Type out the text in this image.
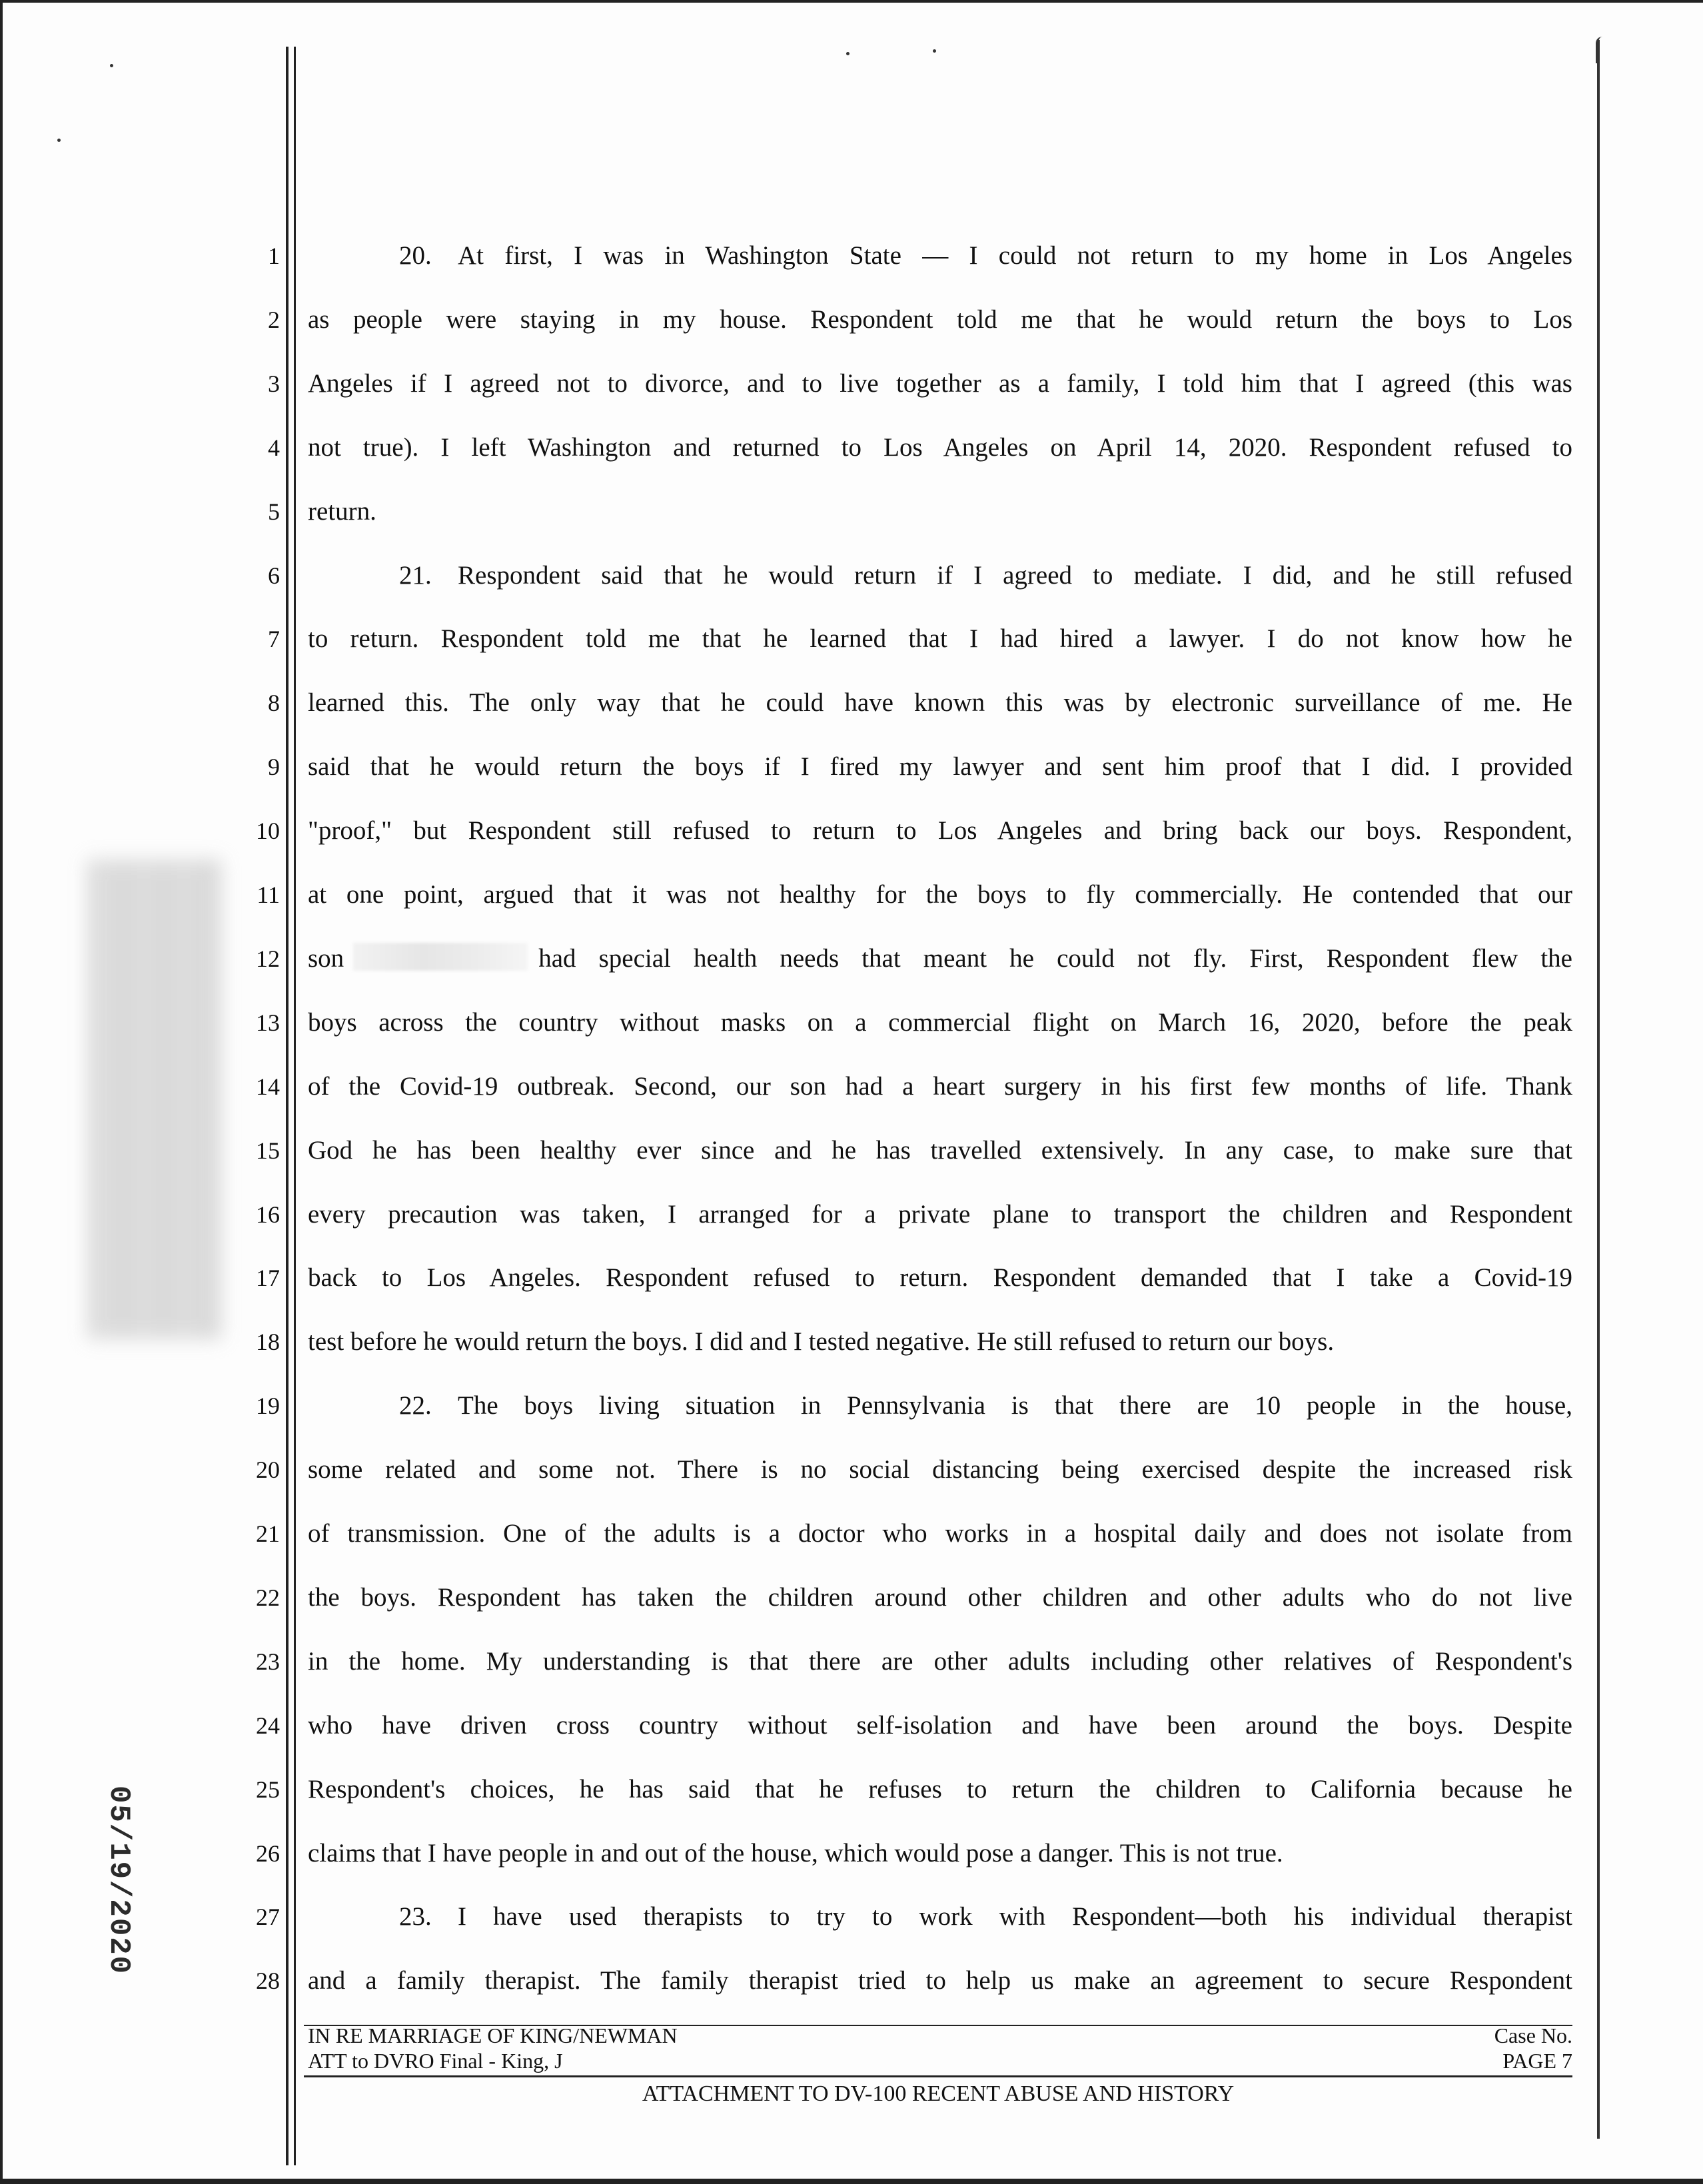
05/19/2020
1	20. At first, I was in Washington State — I could not return to my home in Los Angeles
2 as people were staying in my house. Respondent told me that he would return the boys to Los
3 Angeles if I agreed not to divorce, and to live together as a family, I told him that I agreed (this was
4 not true). I left Washington and returned to Los Angeles on April 14, 2020. Respondent refused to
5 return.
6	21. Respondent said that he would return if I agreed to mediate. I did, and he still refused
7 to return. Respondent told me that he learned that I had hired a lawyer. I do not know how he
8 learned this. The only way that he could have known this was by electronic surveillance of me. He
9 said that he would return the boys if I fired my lawyer and sent him proof that I did. I provided
10 "proof," but Respondent still refused to return to Los Angeles and bring back our boys. Respondent,
11 at one point, argued that it was not healthy for the boys to fly commercially. He contended that our
12 son	had special health needs that meant he could not fly. First, Respondent flew the
13 boys across the country without masks on a commercial flight on March 16, 2020, before the peak
14 of the Covid-19 outbreak. Second, our son had a heart surgery in his first few months of life. Thank
15 God he has been healthy ever since and he has travelled extensively. In any case, to make sure that
16 every precaution was taken, I arranged for a private plane to transport the children and Respondent
17 back to Los Angeles. Respondent refused to return. Respondent demanded that I take a Covid-19
18 test before he would return the boys. I did and I tested negative. He still refused to return our boys.
19	22. The boys living situation in Pennsylvania is that there are 10 people in the house,
20 some related and some not. There is no social distancing being exercised despite the increased risk
21 of transmission. One of the adults is a doctor who works in a hospital daily and does not isolate from
22 the boys. Respondent has taken the children around other children and other adults who do not live
23 in the home. My understanding is that there are other adults including other relatives of Respondent's
24 who have driven cross country without self-isolation and have been around the boys. Despite
25 Respondent's choices, he has said that he refuses to return the children to California because he
26 claims that I have people in and out of the house, which would pose a danger. This is not true.
27	23. I have used therapists to try to work with Respondent—both his individual therapist
28 and a family therapist. The family therapist tried to help us make an agreement to secure Respondent
IN RE MARRIAGE OF KING/NEWMAN
ATT to DVRO Final - King, J
Case No.
PAGE 7
ATTACHMENT TO DV-100 RECENT ABUSE AND HISTORY
